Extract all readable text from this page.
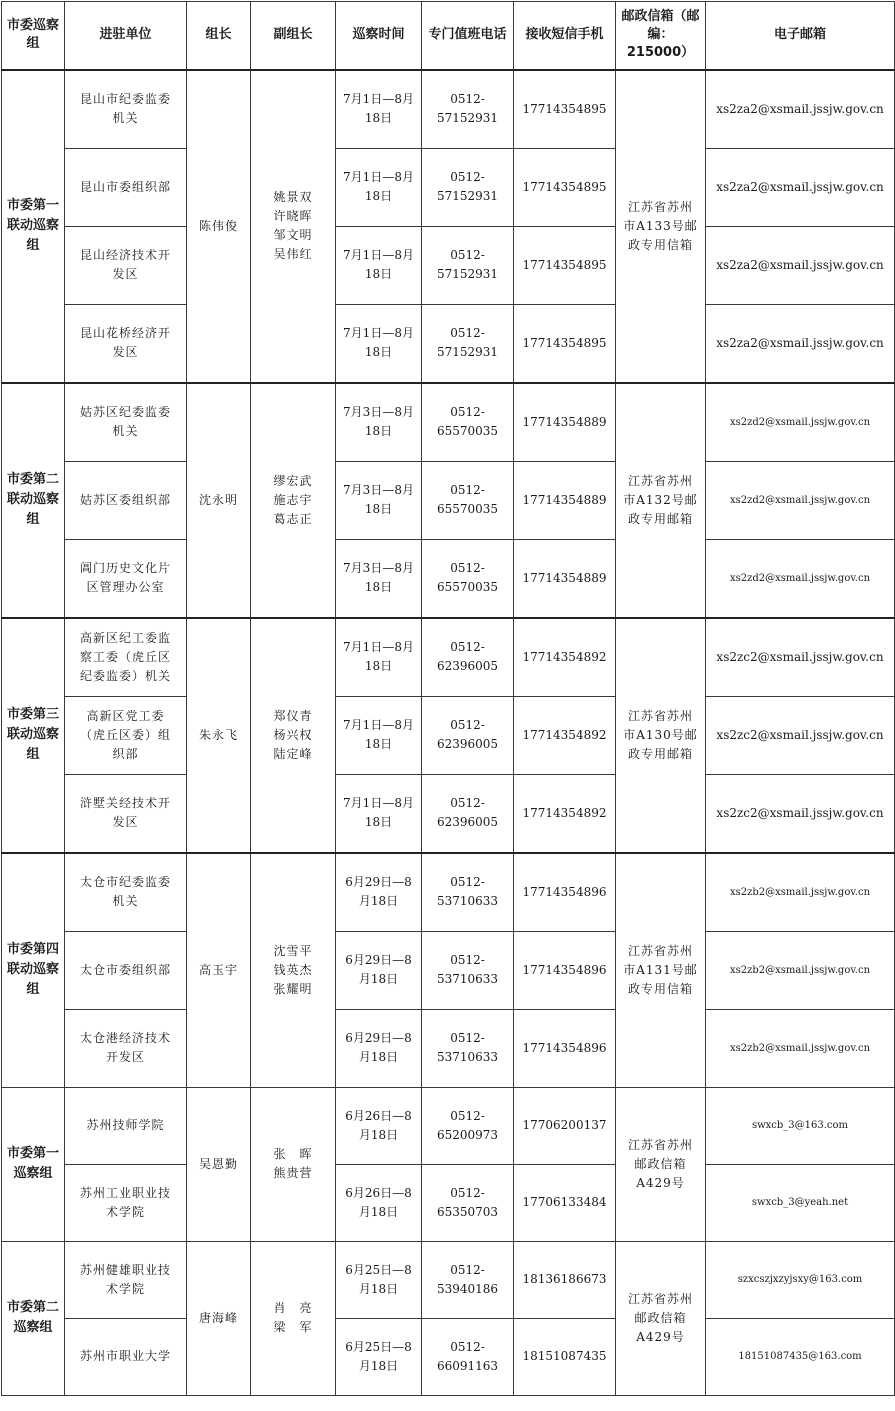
市委巡察组	进驻单位	组长	副组长	巡察时间	专门值班电话	接收短信手机	邮政信箱（邮编：215000）	电子邮箱
市委第一联动巡察组	昆山市纪委监委机关	陈伟俊	姚景双 许晓晖 邹文明 吴伟红	7月1日—8月18日	0512-57152931	17714354895	江苏省苏州市A133号邮政专用信箱	xs2za2@xsmail.jssjw.gov.cn
	昆山市委组织部			7月1日—8月18日	0512-57152931	17714354895		xs2za2@xsmail.jssjw.gov.cn
	昆山经济技术开发区			7月1日—8月18日	0512-57152931	17714354895		xs2za2@xsmail.jssjw.gov.cn
	昆山花桥经济开发区			7月1日—8月18日	0512-57152931	17714354895		xs2za2@xsmail.jssjw.gov.cn
市委第二联动巡察组	姑苏区纪委监委机关	沈永明	缪宏武 施志宇 葛志正	7月3日—8月18日	0512-65570035	17714354889	江苏省苏州市A132号邮政专用邮箱	xs2zd2@xsmail.jssjw.gov.cn
	姑苏区委组织部			7月3日—8月18日	0512-65570035	17714354889		xs2zd2@xsmail.jssjw.gov.cn
	阊门历史文化片区管理办公室			7月3日—8月18日	0512-65570035	17714354889		xs2zd2@xsmail.jssjw.gov.cn
市委第三联动巡察组	高新区纪工委监察工委（虎丘区纪委监委）机关	朱永飞	郑仪青 杨兴权 陆定峰	7月1日—8月18日	0512-62396005	17714354892	江苏省苏州市A130号邮政专用邮箱	xs2zc2@xsmail.jssjw.gov.cn
	高新区党工委（虎丘区委）组织部			7月1日—8月18日	0512-62396005	17714354892		xs2zc2@xsmail.jssjw.gov.cn
	浒墅关经技术开发区			7月1日—8月18日	0512-62396005	17714354892		xs2zc2@xsmail.jssjw.gov.cn
市委第四联动巡察组	太仓市纪委监委机关	高玉宇	沈雪平 钱英杰 张耀明	6月29日—8月18日	0512-53710633	17714354896	江苏省苏州市A131号邮政专用信箱	xs2zb2@xsmail.jssjw.gov.cn
	太仓市委组织部			6月29日—8月18日	0512-53710633	17714354896		xs2zb2@xsmail.jssjw.gov.cn
	太仓港经济技术开发区			6月29日—8月18日	0512-53710633	17714354896		xs2zb2@xsmail.jssjw.gov.cn
市委第一巡察组	苏州技师学院	吴恩勤	张　晖 熊贵营	6月26日—8月18日	0512-65200973	17706200137	江苏省苏州邮政信箱A429号	swxcb_3@163.com
	苏州工业职业技术学院			6月26日—8月18日	0512-65350703	17706133484		swxcb_3@yeah.net
市委第二巡察组	苏州健雄职业技术学院	唐海峰	肖　亮 梁　军	6月25日—8月18日	0512-53940186	18136186673	江苏省苏州邮政信箱A429号	szxcszjxzyjsxy@163.com
	苏州市职业大学			6月25日—8月18日	0512-66091163	18151087435		18151087435@163.com
